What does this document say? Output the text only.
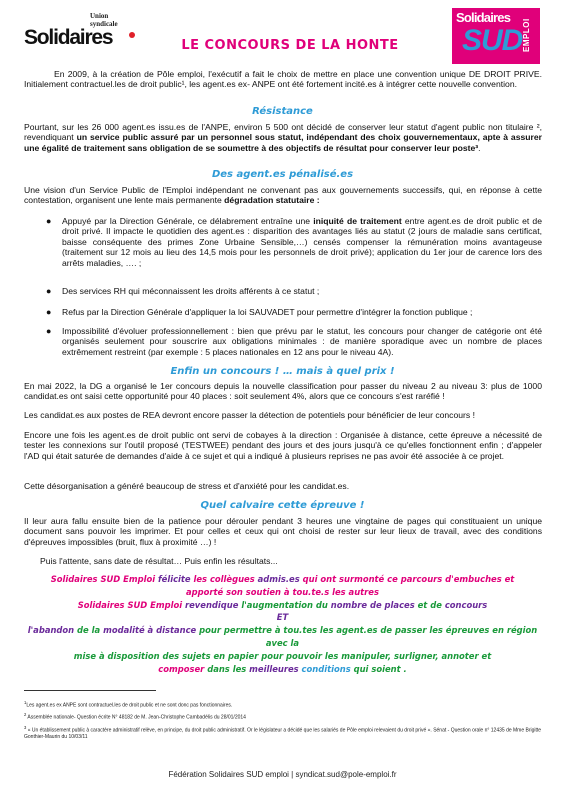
Union
syndicale
Solidaires	LE CONCOURS DE LA HONTE
Solidaires
SUD EMPLOI

En 2009, à la création de Pôle emploi, l'exécutif a fait le choix de mettre en place une convention unique DE DROIT PRIVE. Initialement contractuel.les de droit public¹, les agent.es ex- ANPE ont été fortement incité.es à intégrer cette nouvelle convention.

Résistance

Pourtant, sur les 26 000 agent.es issu.es de l'ANPE, environ 5 500 ont décidé de conserver leur statut d'agent public non titulaire ², revendiquant un service public assuré par un personnel sous statut, indépendant des choix gouvernementaux, apte à assurer une égalité de traitement sans obligation de se soumettre à des objectifs de résultat pour conserver leur poste³.

Des agent.es pénalisé.es

Une vision d'un Service Public de l'Emploi indépendant ne convenant pas aux gouvernements successifs, qui, en réponse à cette contestation, organisent une lente mais permanente dégradation statutaire :

● Appuyé par la Direction Générale, ce délabrement entraîne une iniquité de traitement entre agent.es de droit public et de droit privé. Il impacte le quotidien des agent.es : disparition des avantages liés au statut (2 jours de maladie sans certificat, baisse conséquente des primes Zone Urbaine Sensible,…) censés compenser la rémunération moins avantageuse (traitement sur 12 mois au lieu des 14,5 mois pour les personnels de droit privé); application du 1er jour de carence lors des arrêts maladies, …. ;
● Des services RH qui méconnaissent les droits afférents à ce statut ;
● Refus par la Direction Générale d'appliquer la loi SAUVADET pour permettre d'intégrer la fonction publique ;
● Impossibilité d'évoluer professionnellement : bien que prévu par le statut, les concours pour changer de catégorie ont été organisés seulement pour souscrire aux obligations minimales : de manière sporadique avec un nombre de places extrêmement restreint (par exemple : 5 places nationales en 12 ans pour le niveau 4A).
Enfin un concours ! … mais à quel prix !

En mai 2022, la DG a organisé le 1er concours depuis la nouvelle classification pour passer du niveau 2 au niveau 3: plus de 1000 candidat.es ont saisi cette opportunité pour 40 places : soit seulement 4%, alors que ce concours s'est raréfié !

Les candidat.es aux postes de REA devront encore passer la détection de potentiels pour bénéficier de leur concours !

Encore une fois les agent.es de droit public ont servi de cobayes à la direction : Organisée à distance, cette épreuve a nécessité de tester les connexions sur l'outil proposé (TESTWEE) pendant des jours et des jours jusqu'à ce qu'elles fonctionnent enfin ; d'appeler l'AD qui était saturée de demandes d'aide à ce sujet et qui a indiqué à plusieurs reprises ne pas avoir été associée à ce projet.

Cette désorganisation a généré beaucoup de stress et d'anxiété pour les candidat.es.

Quel calvaire cette épreuve !

Il leur aura fallu ensuite bien de la patience pour dérouler pendant 3 heures une vingtaine de pages qui constituaient un unique document sans pouvoir les imprimer. Et pour celles et ceux qui ont choisi de rester sur leur lieux de travail, avec des conditions d'épreuves impossibles (bruit, flux à proximité …) !

Puis l'attente, sans date de résultat… Puis enfin les résultats...

Solidaires SUD Emploi félicite les collègues admis.es qui ont surmonté ce parcours d'embuches et
apporté son soutien à tou.te.s les autres
Solidaires SUD Emploi revendique l'augmentation du nombre de places et de concours
ET
l'abandon de la modalité à distance pour permettre à tou.tes les agent.es de passer les épreuves en région avec la
mise à disposition des sujets en papier pour pouvoir les manipuler, surligner, annoter et
composer dans les meilleures conditions qui soient .
$^1$Les agent.es ex ANPE sont contractuel.les de droit public et ne sont donc pas fonctionnaires.
$^2$ Assemblée nationale- Question écrite N° 48182 de M. Jean-Christophe Cambadélis du 28/01/2014
$^3$ « Un établissement public à caractère administratif relève, en principe, du droit public administratif. Or le législateur a décidé que les salariés de Pôle emploi relevaient du droit privé ». Sénat - Question orale n° 12435 de Mme Brigitte Gonthier-Maurin du 10/03/11
Fédération Solidaires SUD emploi | syndicat.sud@pole-emploi.fr
